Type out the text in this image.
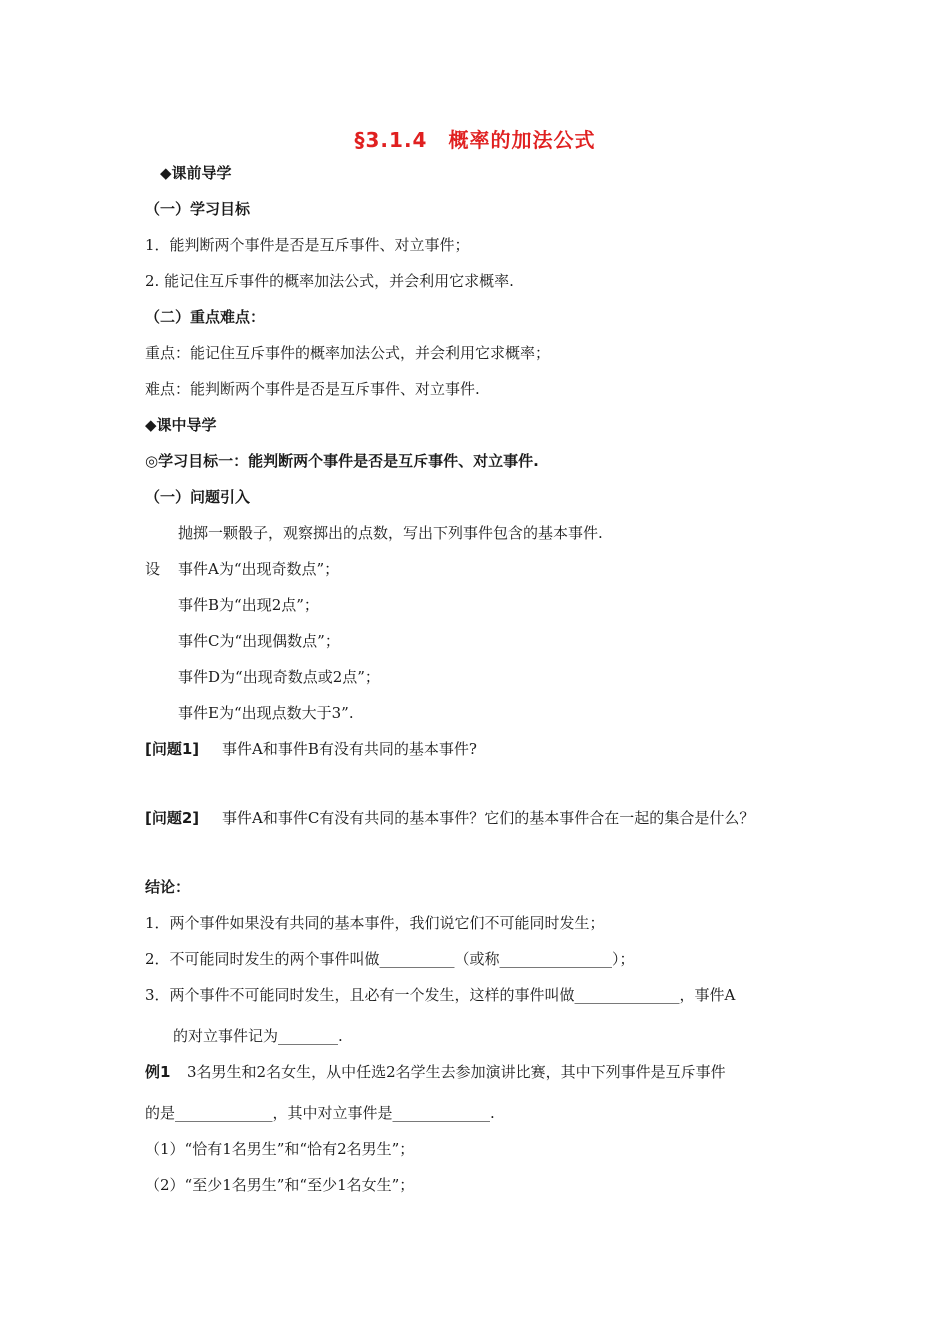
§3.1.4　概率的加法公式
◆课前导学
（一）学习目标
1．能判断两个事件是否是互斥事件、对立事件；
2. 能记住互斥事件的概率加法公式，并会利用它求概率.
（二）重点难点：
重点：能记住互斥事件的概率加法公式，并会利用它求概率；
难点：能判断两个事件是否是互斥事件、对立事件.
◆课中导学
◎学习目标一：能判断两个事件是否是互斥事件、对立事件.
（一）问题引入
抛掷一颗骰子，观察掷出的点数，写出下列事件包含的基本事件.
设 事件A为“出现奇数点”；
事件B为“出现2点”；
事件C为“出现偶数点”；
事件D为“出现奇数点或2点”；
事件E为“出现点数大于3”.
[问题1] 事件A和事件B有没有共同的基本事件?
[问题2] 事件A和事件C有没有共同的基本事件？它们的基本事件合在一起的集合是什么？
结论：
1．两个事件如果没有共同的基本事件，我们说它们不可能同时发生；
2．不可能同时发生的两个事件叫做__________（或称_______________）；
3．两个事件不可能同时发生，且必有一个发生，这样的事件叫做______________，事件A
的对立事件记为________.
例1 3名男生和2名女生，从中任选2名学生去参加演讲比赛，其中下列事件是互斥事件
的是_____________，其中对立事件是_____________.
（1）“恰有1名男生”和“恰有2名男生”；
（2）“至少1名男生”和“至少1名女生”；
